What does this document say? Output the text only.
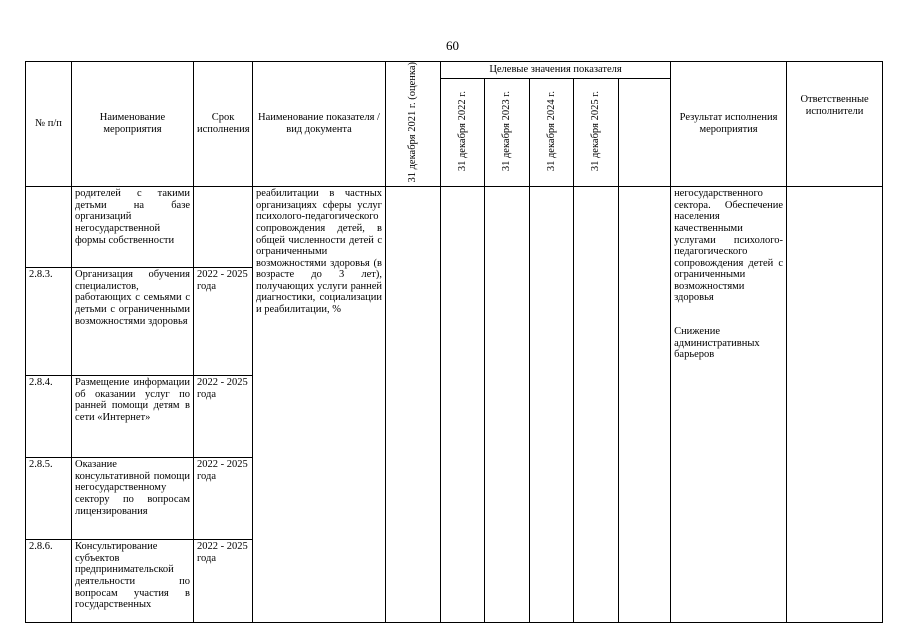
60
№ п/п	Наименование мероприятия	Срок исполнения	Наименование показателя / вид документа	31 декабря 2021 г. (оценка)	Целевые значения показателя					Результат исполнения мероприятия	Ответственные исполнители
					31 декабря 2022 г.	31 декабря 2023 г.	31 декабря 2024 г.	31 декабря 2025 г.			
	родителей с такими детьми на базе организаций негосударственной формы собственности		реабилитации в частных организациях сферы услуг психолого-педагогического сопровождения детей, в общей численности детей с ограниченными возможностями здоровья (в возрасте до 3 лет), получающих услуги ранней диагностики, социализации и реабилитации, %							негосударственного сектора. Обеспечение населения качественными услугами психолого-педагогического сопровождения детей с ограниченными возможностями здоровья
Снижение административных барьеров	

2.8.3.	Организация обучения специалистов, работающих с семьями с детьми с ограниченными возможностями здоровья	2022 - 2025 года									
2.8.4.	Размещение информации об оказании услуг по ранней помощи детям в сети «Интернет»	2022 - 2025 года									
2.8.5.	Оказание консультативной помощи негосударственному сектору по вопросам лицензирования	2022 - 2025 года									
2.8.6.	Консультирование субъектов предпринимательской деятельности по вопросам участия в государственных	2022 - 2025 года									
